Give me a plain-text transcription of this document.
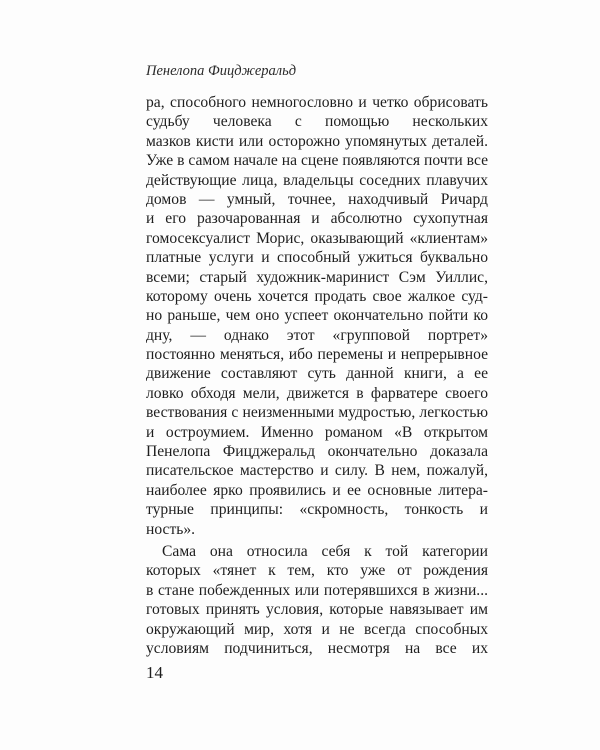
Пенелопа Фицджеральд
ра, способного немногословно и четко обрисовать
судьбу человека с помощью нескольких
мазков кисти или осторожно упомянутых деталей.
Уже в самом начале на сцене появляются почти все
действующие лица, владельцы соседних плавучих
домов — умный, точнее, находчивый Ричард
и его разочарованная и абсолютно сухопутная
гомосексуалист Морис, оказывающий «клиентам»
платные услуги и способный ужиться буквально
всеми; старый художник-маринист Сэм Уиллис,
которому очень хочется продать свое жалкое суд-
но раньше, чем оно успеет окончательно пойти ко
дну, — однако этот «групповой портрет»
постоянно меняться, ибо перемены и непрерывное
движение составляют суть данной книги, а ее
ловко обходя мели, движется в фарватере своего
вествования с неизменными мудростью, легкостью
и остроумием. Именно романом «В открытом
Пенелопа Фицджеральд окончательно доказала
писательское мастерство и силу. В нем, пожалуй,
наиболее ярко проявились и ее основные литера-
турные принципы: «скромность, тонкость и
ность».
Сама она относила себя к той категории
которых «тянет к тем, кто уже от рождения
в стане побежденных или потерявшихся в жизни...
готовых принять условия, которые навязывает им
окружающий мир, хотя и не всегда способных
условиям подчиниться, несмотря на все их
14
